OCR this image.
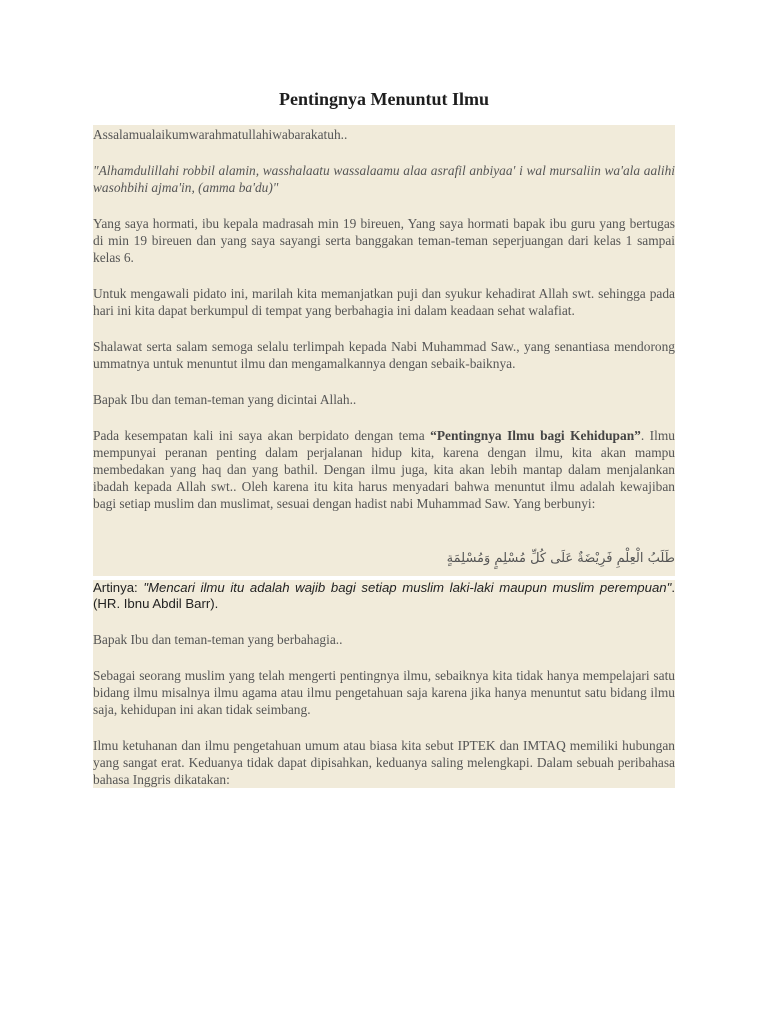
Pentingnya Menuntut Ilmu
Assalamualaikumwarahmatullahiwabarakatuh..
"Alhamdulillahi robbil alamin, wasshalaatu wassalaamu alaa asrafil anbiyaa' i wal mursaliin wa'ala aalihi wasohbihi ajma'in, (amma ba'du)"
Yang saya hormati, ibu kepala madrasah min 19 bireuen, Yang saya hormati bapak ibu guru yang bertugas di min 19 bireuen dan yang saya sayangi serta banggakan teman-teman seperjuangan dari kelas 1 sampai kelas 6.
Untuk mengawali pidato ini, marilah kita memanjatkan puji dan syukur kehadirat Allah swt. sehingga pada hari ini kita dapat berkumpul di tempat yang berbahagia ini dalam keadaan sehat walafiat.
Shalawat serta salam semoga selalu terlimpah kepada Nabi Muhammad Saw., yang senantiasa mendorong ummatnya untuk menuntut ilmu dan mengamalkannya dengan sebaik-baiknya.
Bapak Ibu dan teman-teman yang dicintai Allah..
Pada kesempatan kali ini saya akan berpidato dengan tema “Pentingnya Ilmu bagi Kehidupan”. Ilmu mempunyai peranan penting dalam perjalanan hidup kita, karena dengan ilmu, kita akan mampu membedakan yang haq dan yang bathil. Dengan ilmu juga, kita akan lebih mantap dalam menjalankan ibadah kepada Allah swt.. Oleh karena itu kita harus menyadari bahwa menuntut ilmu adalah kewajiban bagi setiap muslim dan muslimat, sesuai dengan hadist nabi Muhammad Saw. Yang berbunyi:
طَلَبُ الْعِلْمِ فَرِيْضَةٌ عَلَى كُلِّ مُسْلِمٍ وَمُسْلِمَةٍ
Artinya: "Mencari ilmu itu adalah wajib bagi setiap muslim laki-laki maupun muslim perempuan". (HR. Ibnu Abdil Barr).
Bapak Ibu dan teman-teman yang berbahagia..
Sebagai seorang muslim yang telah mengerti pentingnya ilmu, sebaiknya kita tidak hanya mempelajari satu bidang ilmu misalnya ilmu agama atau ilmu pengetahuan saja karena jika hanya menuntut satu bidang ilmu saja, kehidupan ini akan tidak seimbang.
Ilmu ketuhanan dan ilmu pengetahuan umum atau biasa kita sebut IPTEK dan IMTAQ memiliki hubungan yang sangat erat. Keduanya tidak dapat dipisahkan, keduanya saling melengkapi. Dalam sebuah peribahasa bahasa Inggris dikatakan:
